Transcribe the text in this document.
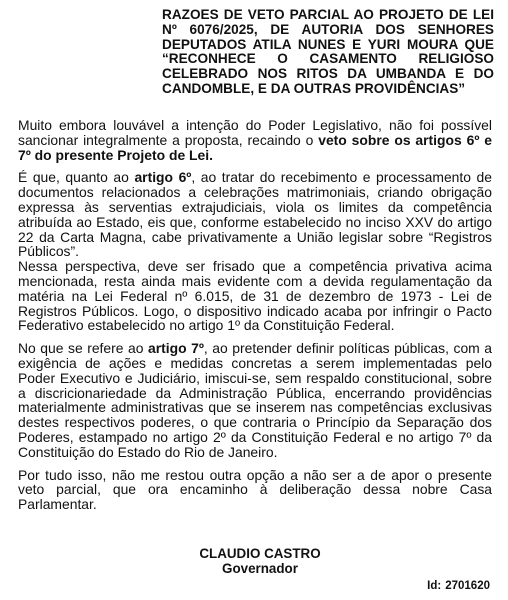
RAZOES DE VETO PARCIAL AO PROJETO DE LEI Nº 6076/2025, DE AUTORIA DOS SENHORES DEPUTADOS ATILA NUNES E YURI MOURA QUE “RECONHECE O CASAMENTO RELIGIOSO CELEBRADO NOS RITOS DA UMBANDA E DO CANDOMBLE, E DA OUTRAS PROVIDÊNCIAS”

Muito embora louvável a intenção do Poder Legislativo, não foi possível sancionar integralmente a proposta, recaindo o veto sobre os artigos 6º e 7º do presente Projeto de Lei.

É que, quanto ao artigo 6º, ao tratar do recebimento e processamento de documentos relacionados a celebrações matrimoniais, criando obrigação expressa às serventias extrajudiciais, viola os limites da competência atribuída ao Estado, eis que, conforme estabelecido no inciso XXV do artigo 22 da Carta Magna, cabe privativamente a União legislar sobre “Registros Públicos”.

Nessa perspectiva, deve ser frisado que a competência privativa acima mencionada, resta ainda mais evidente com a devida regulamentação da matéria na Lei Federal nº 6.015, de 31 de dezembro de 1973 - Lei de Registros Públicos. Logo, o dispositivo indicado acaba por infringir o Pacto Federativo estabelecido no artigo 1º da Constituição Federal.

No que se refere ao artigo 7º, ao pretender definir políticas públicas, com a exigência de ações e medidas concretas a serem implementadas pelo Poder Executivo e Judiciário, imiscui-se, sem respaldo constitucional, sobre a discricionariedade da Administração Pública, encerrando providências materialmente administrativas que se inserem nas competências exclusivas destes respectivos poderes, o que contraria o Princípio da Separação dos Poderes, estampado no artigo 2º da Constituição Federal e no artigo 7º da Constituição do Estado do Rio de Janeiro.

Por tudo isso, não me restou outra opção a não ser a de apor o presente veto parcial, que ora encaminho à deliberação dessa nobre Casa Parlamentar.

CLAUDIO CASTRO
Governador
Id: 2701620
